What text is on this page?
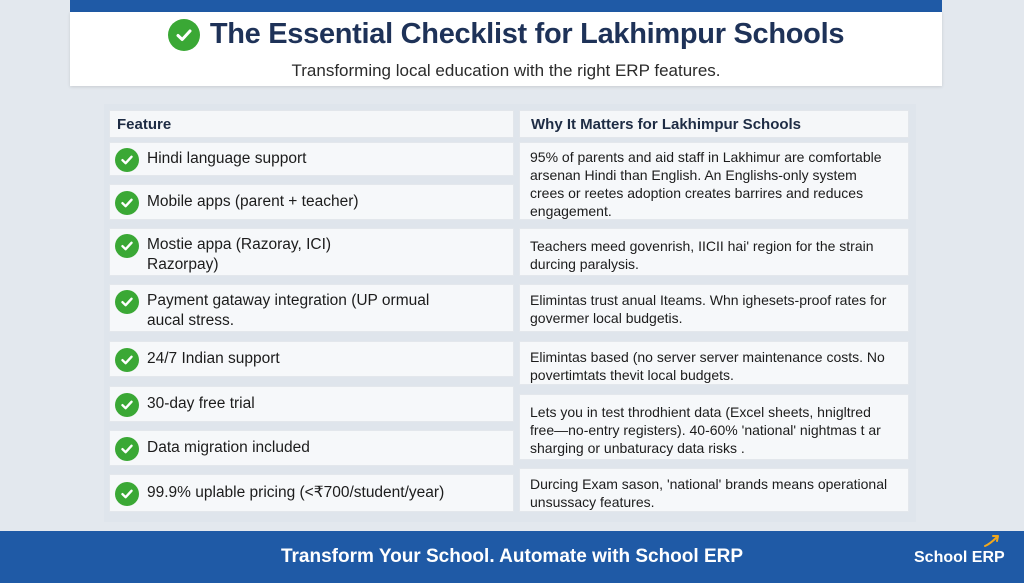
The Essential Checklist for Lakhimpur Schools
Transforming local education with the right ERP features.
Feature	Why It Matters for Lakhimpur Schools
Hindi language support
Mobile apps (parent + teacher)
Mostie appa (Razoray, ICI) Razorpay)
Payment gataway integration (UP ormual aucal stress.
24/7 Indian support
30-day free trial
Data migration included
99.9% uplable pricing (<₹700/student/year)
95% of parents and aid staff in Lakhimur are comfortable arsenan Hindi than English. An Englishs-only system crees or reetes adoption creates barrires and reduces engagement.
Teachers meed govenrish, IICII hai' region for the strain durcing paralysis.
Elimintas trust anual Iteams. Whn ighesets-proof rates for govermer local budgetis.
Elimintas based (no server server maintenance costs. No povertimtats thevit local budgets.
Lets you in test throdhient data (Excel sheets, hnigltred free—no-entry registers). 40-60% 'national' nightmas t ar sharging or unbaturacy data risks .
Durcing Exam sason, 'national' brands means operational unsussacy features.
Transform Your School. Automate with School ERP	School ERP
